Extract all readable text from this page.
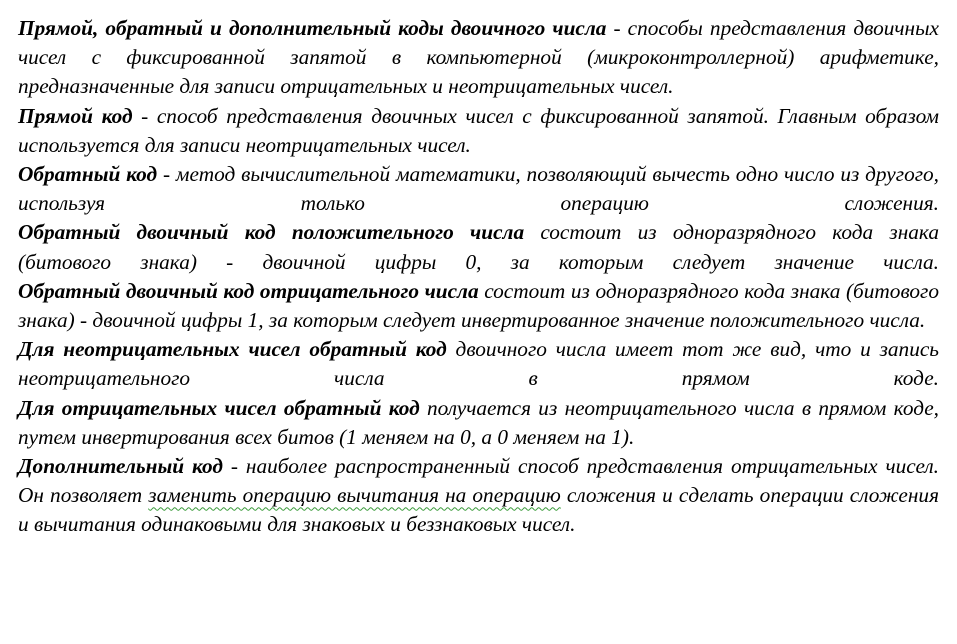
Прямой, обратный и дополнительный коды двоичного числа - способы представления двоичных чисел с фиксированной запятой в компьютерной (микроконтроллерной) арифметике, предназначенные для записи отрицательных и неотрицательных чисел.

Прямой код - способ представления двоичных чисел с фиксированной запятой. Главным образом используется для записи неотрицательных чисел.

Обратный код - метод вычислительной математики, позволяющий вычесть одно число из другого, используя только операцию сложения.

Обратный двоичный код положительного числа состоит из одноразрядного кода знака (битового знака) - двоичной цифры 0, за которым следует значение числа.

Обратный двоичный код отрицательного числа состоит из одноразрядного кода знака (битового знака) - двоичной цифры 1, за которым следует инвертированное значение положительного числа.

Для неотрицательных чисел обратный код двоичного числа имеет тот же вид, что и запись неотрицательного числа в прямом коде.

Для отрицательных чисел обратный код получается из неотрицательного числа в прямом коде, путем инвертирования всех битов (1 меняем на 0, а 0 меняем на 1).

Дополнительный код - наиболее распространенный способ представления отрицательных чисел. Он позволяет заменить операцию вычитания на операцию сложения и сделать операции сложения и вычитания одинаковыми для знаковых и беззнаковых чисел.
